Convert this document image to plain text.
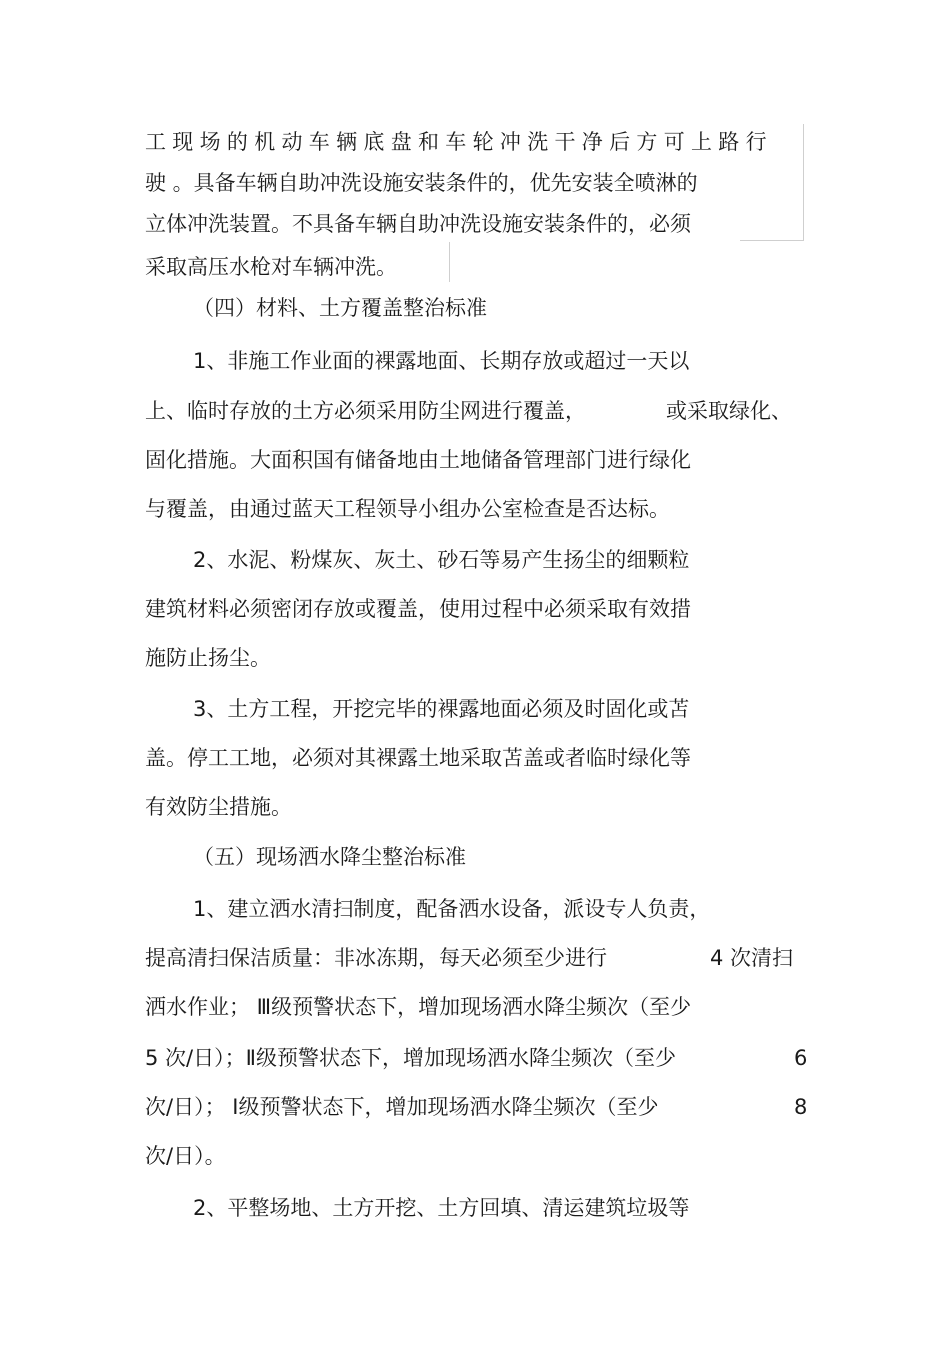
工现场的机动车辆底盘和车轮冲洗干净后方可上路行
驶 。具备车辆自助冲洗设施安装条件的，优先安装全喷淋的
立体冲洗装置。不具备车辆自助冲洗设施安装条件的，必须
采取高压水枪对车辆冲洗。
（四）材料、土方覆盖整治标准
1、非施工作业面的裸露地面、长期存放或超过一天以
上、临时存放的土方必须采用防尘网进行覆盖，	或采取绿化、
固化措施。大面积国有储备地由土地储备管理部门进行绿化
与覆盖，由通过蓝天工程领导小组办公室检查是否达标。
2、水泥、粉煤灰、灰土、砂石等易产生扬尘的细颗粒
建筑材料必须密闭存放或覆盖，使用过程中必须采取有效措
施防止扬尘。
3、土方工程，开挖完毕的裸露地面必须及时固化或苫
盖。停工工地，必须对其裸露土地采取苫盖或者临时绿化等
有效防尘措施。
（五）现场洒水降尘整治标准
1、建立洒水清扫制度，配备洒水设备，派设专人负责，
提高清扫保洁质量：非冰冻期，每天必须至少进行	4 次清扫
洒水作业； Ⅲ级预警状态下，增加现场洒水降尘频次（至少
5 次/日）；Ⅱ级预警状态下，增加现场洒水降尘频次（至少	6
次/日）； Ⅰ级预警状态下，增加现场洒水降尘频次（至少	8
次/日）。
2、平整场地、土方开挖、土方回填、清运建筑垃圾等
